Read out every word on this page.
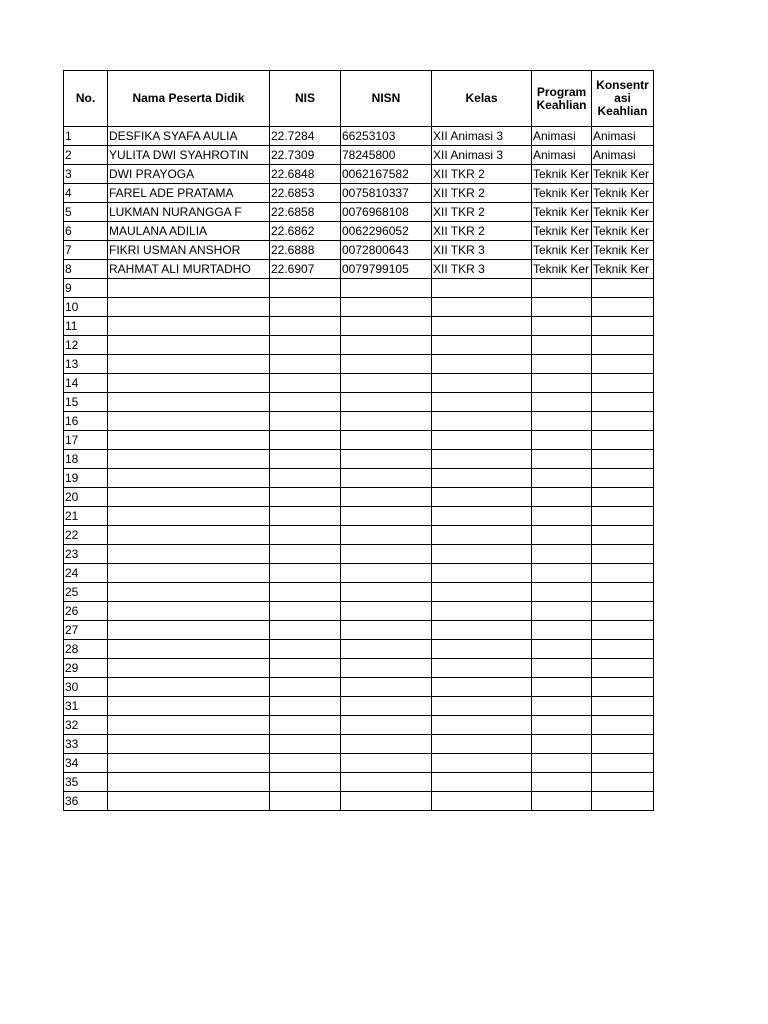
No.	Nama Peserta Didik	NIS	NISN	Kelas	Program Keahlian	Konsentr asi Keahlian
1	DESFIKA SYAFA AULIA	22.7284	66253103	XII Animasi 3	Animasi	Animasi
2	YULITA DWI SYAHROTIN	22.7309	78245800	XII Animasi 3	Animasi	Animasi
3	DWI PRAYOGA	22.6848	0062167582	XII TKR 2	Teknik Ker	Teknik Ker
4	FAREL ADE PRATAMA	22.6853	0075810337	XII TKR 2	Teknik Ker	Teknik Ker
5	LUKMAN NURANGGA F	22.6858	0076968108	XII TKR 2	Teknik Ker	Teknik Ker
6	MAULANA ADILIA	22.6862	0062296052	XII TKR 2	Teknik Ker	Teknik Ker
7	FIKRI USMAN ANSHOR	22.6888	0072800643	XII TKR 3	Teknik Ker	Teknik Ker
8	RAHMAT ALI MURTADHO	22.6907	0079799105	XII TKR 3	Teknik Ker	Teknik Ker
9						
10						
11						
12						
13						
14						
15						
16						
17						
18						
19						
20						
21						
22						
23						
24						
25						
26						
27						
28						
29						
30						
31						
32						
33						
34						
35						
36						
